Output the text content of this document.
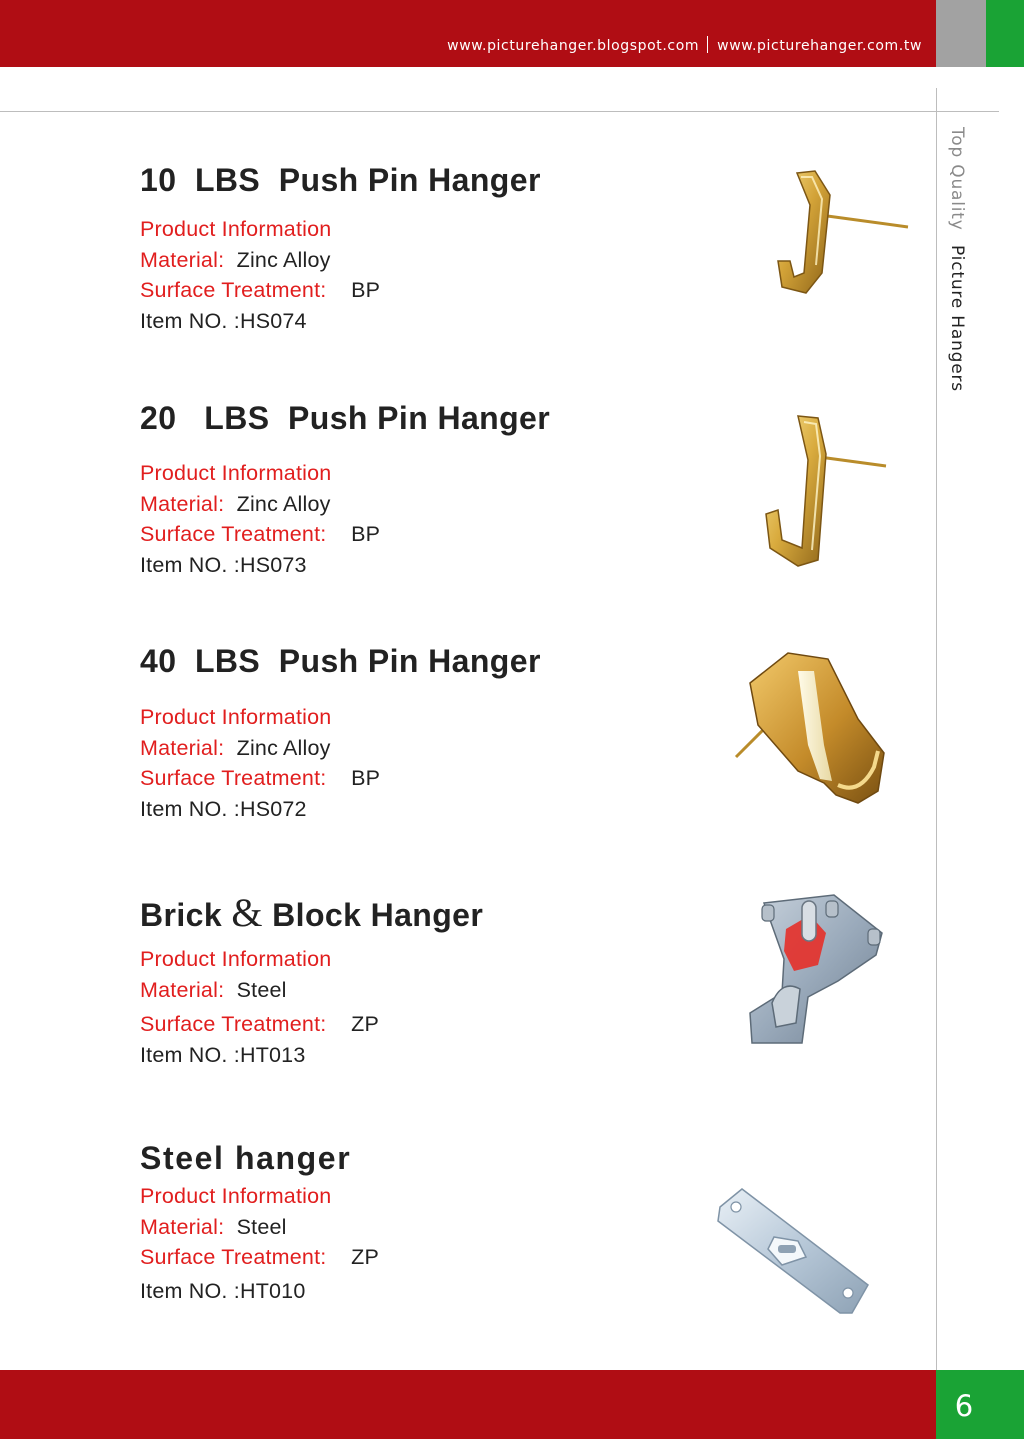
www.picturehanger.blogspot.com www.picturehanger.com.tw
Top QualityPicture Hangers
6
10  LBS  Push Pin Hanger
Product Information
Material: Zinc Alloy
Surface Treatment: BP
Item NO. :HS074
20   LBS  Push Pin Hanger
Product Information
Material: Zinc Alloy
Surface Treatment: BP
Item NO. :HS073
40  LBS  Push Pin Hanger
Product Information
Material: Zinc Alloy
Surface Treatment: BP
Item NO. :HS072
Brick & Block Hanger
Product Information
Material: Steel
Surface Treatment: ZP
Item NO. :HT013
Steel hanger
Product Information
Material: Steel
Surface Treatment: ZP
Item NO. :HT010
